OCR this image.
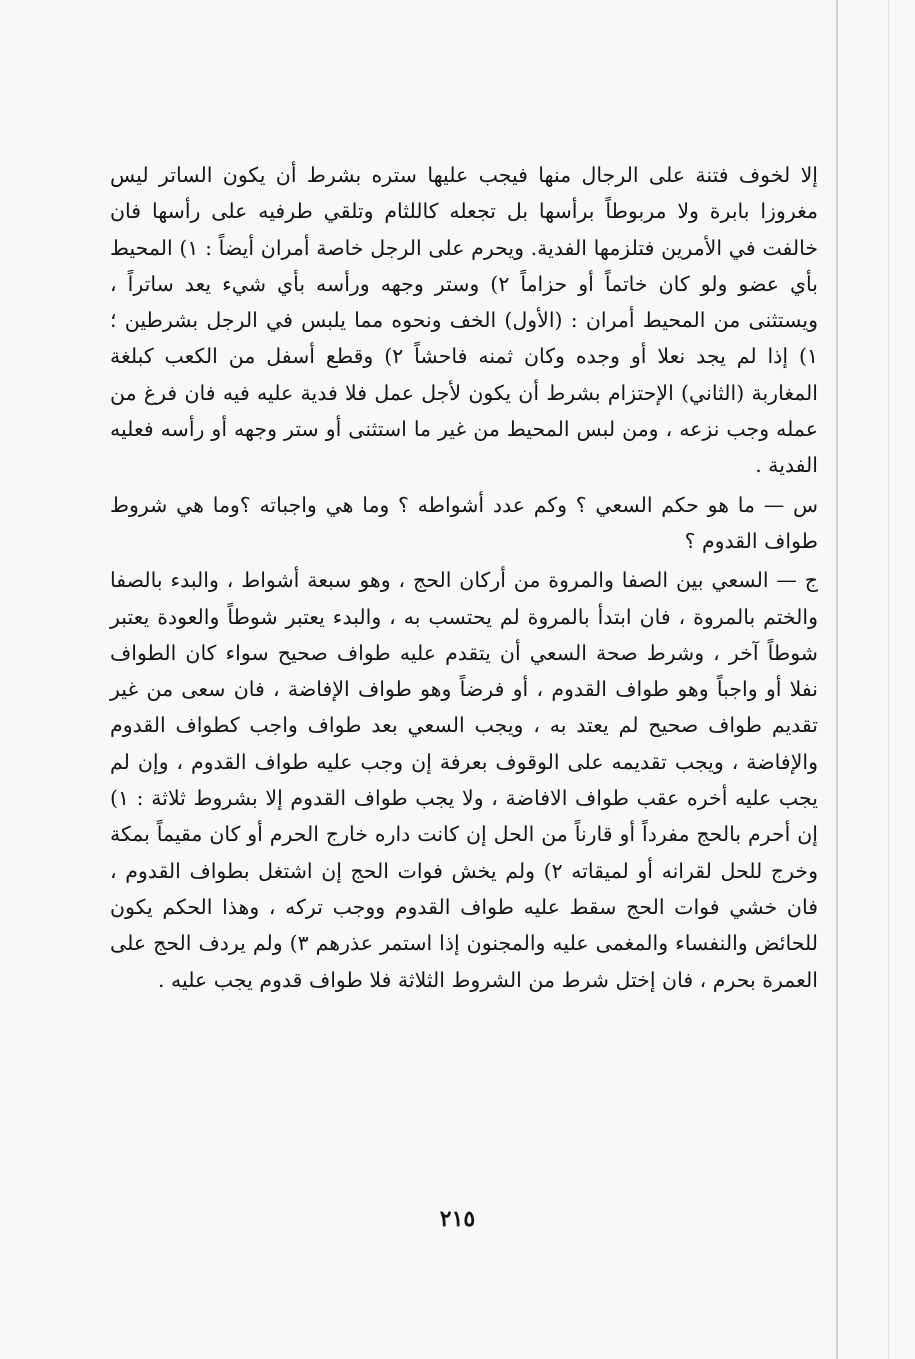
إلا لخوف فتنة على الرجال منها فيجب عليها ستره بشرط أن يكون الساتر ليس مغروزا بابرة ولا مربوطاً برأسها بل تجعله كاللثام وتلقي طرفيه على رأسها فان خالفت في الأمرين فتلزمها الفدية. ويحرم على الرجل خاصة أمران أيضاً : ١) المحيط بأي عضو ولو كان خاتماً أو حزاماً ٢) وستر وجهه ورأسه بأي شيء يعد ساتراً ، ويستثنى من المحيط أمران : (الأول) الخف ونحوه مما يلبس في الرجل بشرطين ؛ ١) إذا لم يجد نعلا أو وجده وكان ثمنه فاحشاً ٢) وقطع أسفل من الكعب كبلغة المغاربة (الثاني) الإحتزام بشرط أن يكون لأجل عمل فلا فدية عليه فيه فان فرغ من عمله وجب نزعه ، ومن لبس المحيط من غير ما استثنى أو ستر وجهه أو رأسه فعليه الفدية .

س — ما هو حكم السعي ؟ وكم عدد أشواطه ؟ وما هي واجباته ؟وما هي شروط طواف القدوم ؟

ج — السعي بين الصفا والمروة من أركان الحج ، وهو سبعة أشواط ، والبدء بالصفا والختم بالمروة ، فان ابتدأ بالمروة لم يحتسب به ، والبدء يعتبر شوطاً والعودة يعتبر شوطاً آخر ، وشرط صحة السعي أن يتقدم عليه طواف صحيح سواء كان الطواف نفلا أو واجباً وهو طواف القدوم ، أو فرضاً وهو طواف الإفاضة ، فان سعى من غير تقديم طواف صحيح لم يعتد به ، ويجب السعي بعد طواف واجب كطواف القدوم والإفاضة ، ويجب تقديمه على الوقوف بعرفة إن وجب عليه طواف القدوم ، وإن لم يجب عليه أخره عقب طواف الافاضة ، ولا يجب طواف القدوم إلا بشروط ثلاثة : ١) إن أحرم بالحج مفرداً أو قارناً من الحل إن كانت داره خارج الحرم أو كان مقيماً بمكة وخرج للحل لقرانه أو لميقاته ٢) ولم يخش فوات الحج إن اشتغل بطواف القدوم ، فان خشي فوات الحج سقط عليه طواف القدوم ووجب تركه ، وهذا الحكم يكون للحائض والنفساء والمغمى عليه والمجنون إذا استمر عذرهم ٣) ولم يردف الحج على العمرة بحرم ، فان إختل شرط من الشروط الثلاثة فلا طواف قدوم يجب عليه .

٢١٥
